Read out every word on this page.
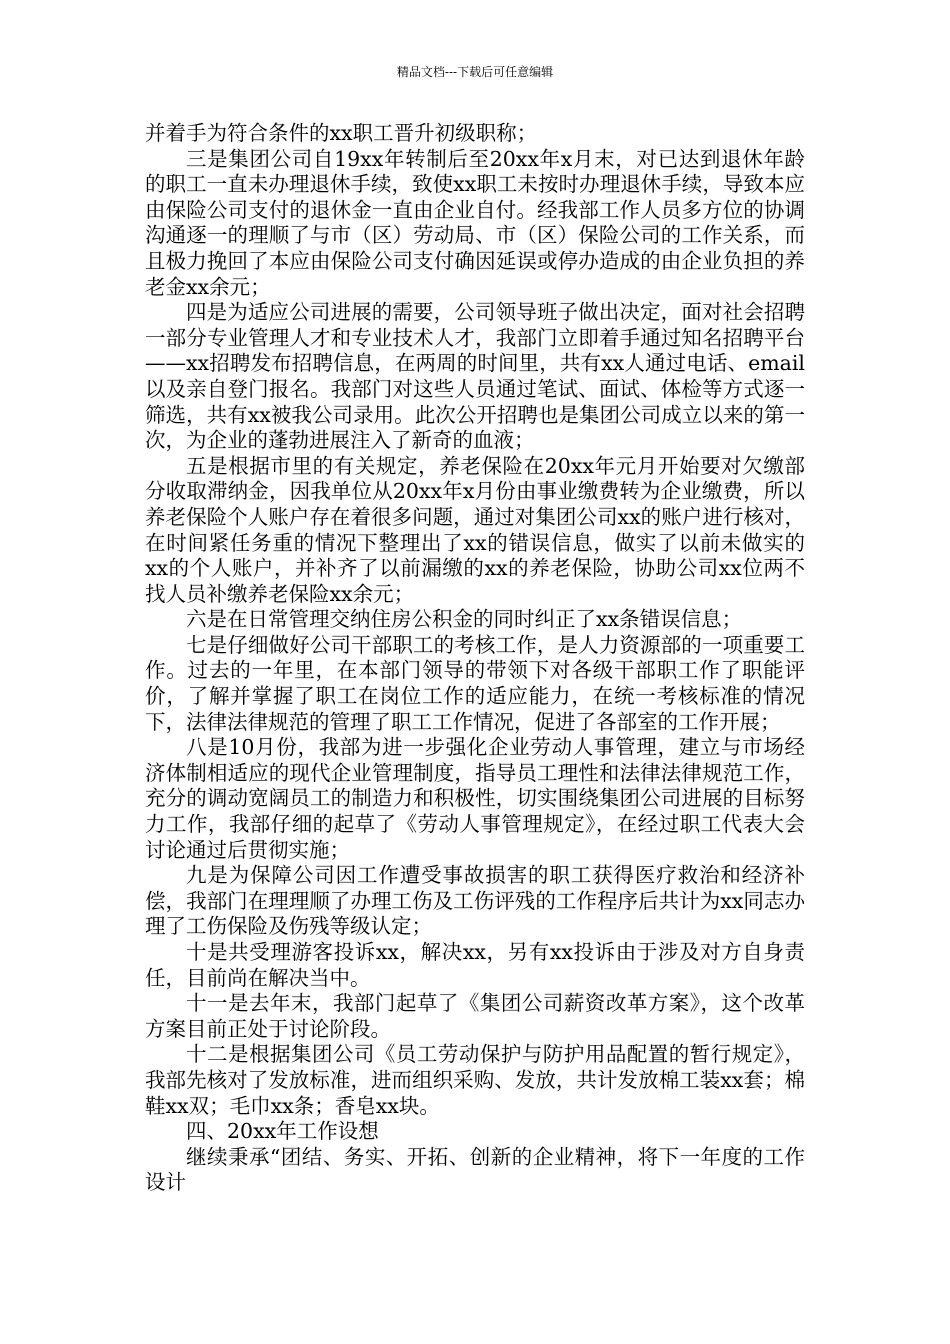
精品文档---下载后可任意编辑

并着手为符合条件的xx职工晋升初级职称；

三是集团公司自19xx年转制后至20xx年x月末，对已达到退休年龄的职工一直未办理退休手续，致使xx职工未按时办理退休手续，导致本应由保险公司支付的退休金一直由企业自付。经我部工作人员多方位的协调沟通逐一的理顺了与市（区）劳动局、市（区）保险公司的工作关系，而且极力挽回了本应由保险公司支付确因延误或停办造成的由企业负担的养老金xx余元；

四是为适应公司进展的需要，公司领导班子做出决定，面对社会招聘一部分专业管理人才和专业技术人才，我部门立即着手通过知名招聘平台——xx招聘发布招聘信息，在两周的时间里，共有xx人通过电话、email以及亲自登门报名。我部门对这些人员通过笔试、面试、体检等方式逐一筛选，共有xx被我公司录用。此次公开招聘也是集团公司成立以来的第一次，为企业的蓬勃进展注入了新奇的血液；

五是根据市里的有关规定，养老保险在20xx年元月开始要对欠缴部分收取滞纳金，因我单位从20xx年x月份由事业缴费转为企业缴费，所以养老保险个人账户存在着很多问题，通过对集团公司xx的账户进行核对，在时间紧任务重的情况下整理出了xx的错误信息，做实了以前未做实的xx的个人账户，并补齐了以前漏缴的xx的养老保险，协助公司xx位两不找人员补缴养老保险xx余元；

六是在日常管理交纳住房公积金的同时纠正了xx条错误信息；

七是仔细做好公司干部职工的考核工作，是人力资源部的一项重要工作。过去的一年里，在本部门领导的带领下对各级干部职工作了职能评价，了解并掌握了职工在岗位工作的适应能力，在统一考核标准的情况下，法律法律规范的管理了职工工作情况，促进了各部室的工作开展；

八是10月份，我部为进一步强化企业劳动人事管理，建立与市场经济体制相适应的现代企业管理制度，指导员工理性和法律法律规范工作，充分的调动宽阔员工的制造力和积极性，切实围绕集团公司进展的目标努力工作，我部仔细的起草了《劳动人事管理规定》，在经过职工代表大会讨论通过后贯彻实施；

九是为保障公司因工作遭受事故损害的职工获得医疗救治和经济补偿，我部门在理理顺了办理工伤及工伤评残的工作程序后共计为xx同志办理了工伤保险及伤残等级认定；

十是共受理游客投诉xx，解决xx，另有xx投诉由于涉及对方自身责任，目前尚在解决当中。

十一是去年末，我部门起草了《集团公司薪资改革方案》，这个改革方案目前正处于讨论阶段。

十二是根据集团公司《员工劳动保护与防护用品配置的暂行规定》，我部先核对了发放标准，进而组织采购、发放，共计发放棉工装xx套；棉鞋xx双；毛巾xx条；香皂xx块。

四、20xx年工作设想

继续秉承“团结、务实、开拓、创新的企业精神，将下一年度的工作设计
